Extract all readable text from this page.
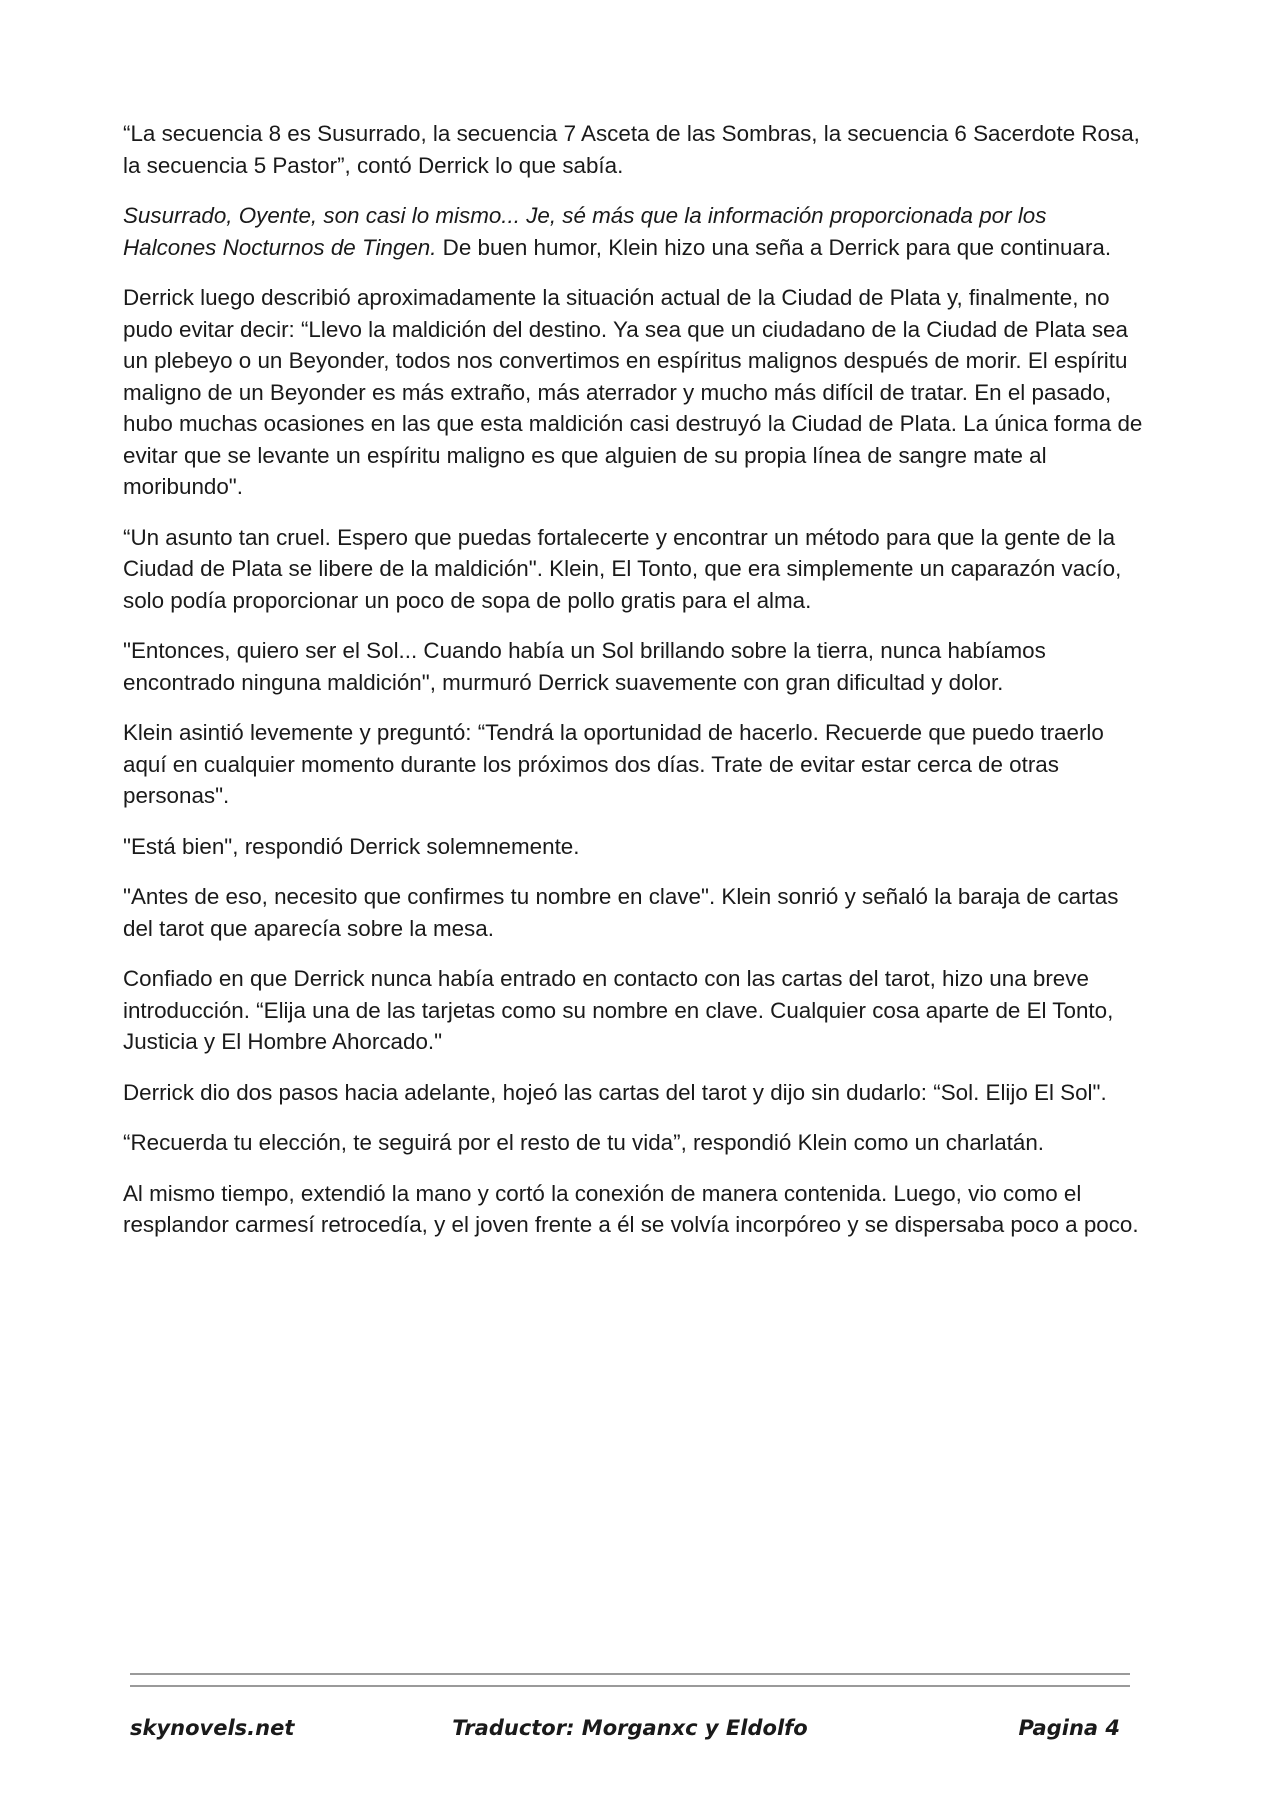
“La secuencia 8 es Susurrado, la secuencia 7 Asceta de las Sombras, la secuencia 6 Sacerdote Rosa, la secuencia 5 Pastor”, contó Derrick lo que sabía.

Susurrado, Oyente, son casi lo mismo... Je, sé más que la información proporcionada por los Halcones Nocturnos de Tingen. De buen humor, Klein hizo una seña a Derrick para que continuara.

Derrick luego describió aproximadamente la situación actual de la Ciudad de Plata y, finalmente, no pudo evitar decir: “Llevo la maldición del destino. Ya sea que un ciudadano de la Ciudad de Plata sea un plebeyo o un Beyonder, todos nos convertimos en espíritus malignos después de morir. El espíritu maligno de un Beyonder es más extraño, más aterrador y mucho más difícil de tratar. En el pasado, hubo muchas ocasiones en las que esta maldición casi destruyó la Ciudad de Plata. La única forma de evitar que se levante un espíritu maligno es que alguien de su propia línea de sangre mate al moribundo".

“Un asunto tan cruel. Espero que puedas fortalecerte y encontrar un método para que la gente de la Ciudad de Plata se libere de la maldición". Klein, El Tonto, que era simplemente un caparazón vacío, solo podía proporcionar un poco de sopa de pollo gratis para el alma.

"Entonces, quiero ser el Sol... Cuando había un Sol brillando sobre la tierra, nunca habíamos encontrado ninguna maldición", murmuró Derrick suavemente con gran dificultad y dolor.

Klein asintió levemente y preguntó: “Tendrá la oportunidad de hacerlo. Recuerde que puedo traerlo aquí en cualquier momento durante los próximos dos días. Trate de evitar estar cerca de otras personas".

"Está bien", respondió Derrick solemnemente.

"Antes de eso, necesito que confirmes tu nombre en clave". Klein sonrió y señaló la baraja de cartas del tarot que aparecía sobre la mesa.

Confiado en que Derrick nunca había entrado en contacto con las cartas del tarot, hizo una breve introducción. “Elija una de las tarjetas como su nombre en clave. Cualquier cosa aparte de El Tonto, Justicia y El Hombre Ahorcado."

Derrick dio dos pasos hacia adelante, hojeó las cartas del tarot y dijo sin dudarlo: “Sol. Elijo El Sol".

“Recuerda tu elección, te seguirá por el resto de tu vida”, respondió Klein como un charlatán.

Al mismo tiempo, extendió la mano y cortó la conexión de manera contenida. Luego, vio como el resplandor carmesí retrocedía, y el joven frente a él se volvía incorpóreo y se dispersaba poco a poco.

skynovels.net	Traductor: Morganxc y Eldolfo	Pagina 4
